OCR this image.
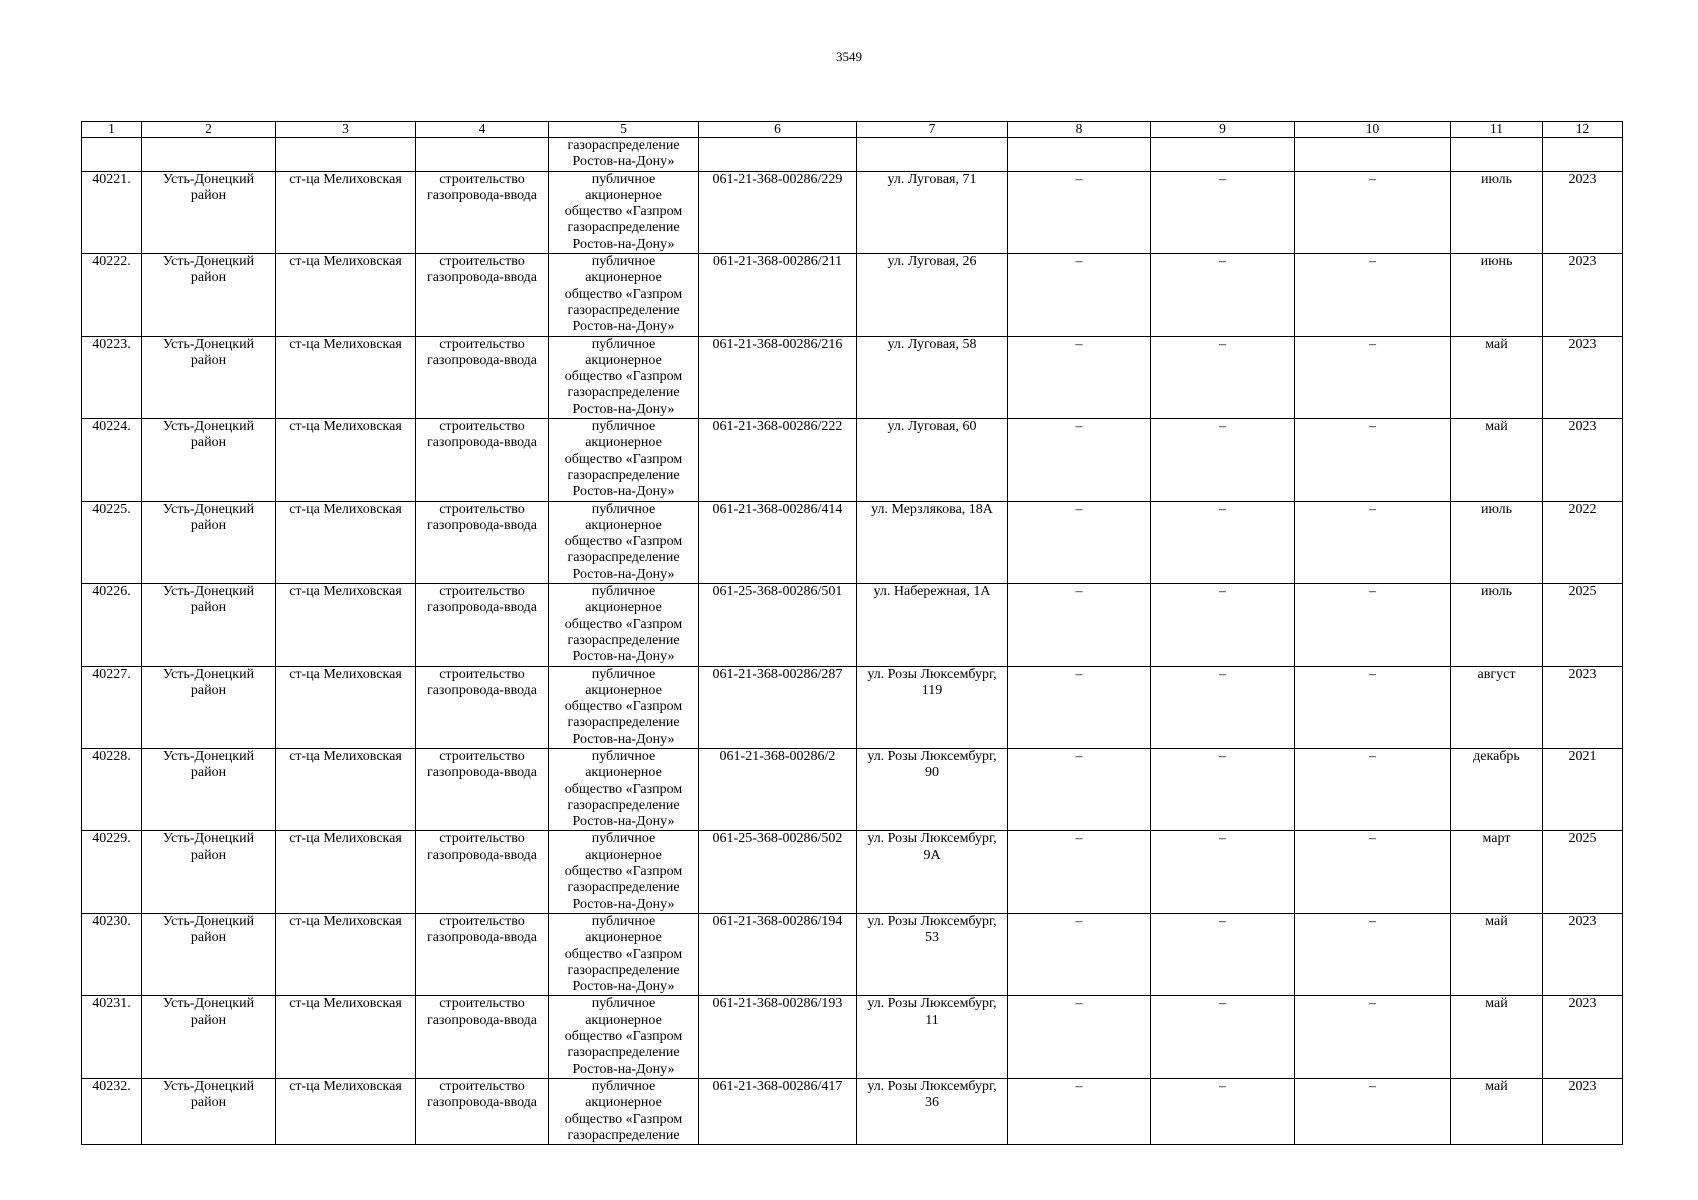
3549
1	2	3	4	5	6	7	8	9	10	11	12
				газораспределение
Ростов-на-Дону»							
40221.	Усть-Донецкий
район	ст-ца Мелиховская	строительство
газопровода-ввода	публичное
акционерное
общество «Газпром
газораспределение
Ростов-на-Дону»	061-21-368-00286/229	ул. Луговая, 71	–	–	–	июль	2023
40222.	Усть-Донецкий
район	ст-ца Мелиховская	строительство
газопровода-ввода	публичное
акционерное
общество «Газпром
газораспределение
Ростов-на-Дону»	061-21-368-00286/211	ул. Луговая, 26	–	–	–	июнь	2023
40223.	Усть-Донецкий
район	ст-ца Мелиховская	строительство
газопровода-ввода	публичное
акционерное
общество «Газпром
газораспределение
Ростов-на-Дону»	061-21-368-00286/216	ул. Луговая, 58	–	–	–	май	2023
40224.	Усть-Донецкий
район	ст-ца Мелиховская	строительство
газопровода-ввода	публичное
акционерное
общество «Газпром
газораспределение
Ростов-на-Дону»	061-21-368-00286/222	ул. Луговая, 60	–	–	–	май	2023
40225.	Усть-Донецкий
район	ст-ца Мелиховская	строительство
газопровода-ввода	публичное
акционерное
общество «Газпром
газораспределение
Ростов-на-Дону»	061-21-368-00286/414	ул. Мерзлякова, 18А	–	–	–	июль	2022
40226.	Усть-Донецкий
район	ст-ца Мелиховская	строительство
газопровода-ввода	публичное
акционерное
общество «Газпром
газораспределение
Ростов-на-Дону»	061-25-368-00286/501	ул. Набережная, 1А	–	–	–	июль	2025
40227.	Усть-Донецкий
район	ст-ца Мелиховская	строительство
газопровода-ввода	публичное
акционерное
общество «Газпром
газораспределение
Ростов-на-Дону»	061-21-368-00286/287	ул. Розы Люксембург,
119	–	–	–	август	2023
40228.	Усть-Донецкий
район	ст-ца Мелиховская	строительство
газопровода-ввода	публичное
акционерное
общество «Газпром
газораспределение
Ростов-на-Дону»	061-21-368-00286/2	ул. Розы Люксембург,
90	–	–	–	декабрь	2021
40229.	Усть-Донецкий
район	ст-ца Мелиховская	строительство
газопровода-ввода	публичное
акционерное
общество «Газпром
газораспределение
Ростов-на-Дону»	061-25-368-00286/502	ул. Розы Люксембург,
9А	–	–	–	март	2025
40230.	Усть-Донецкий
район	ст-ца Мелиховская	строительство
газопровода-ввода	публичное
акционерное
общество «Газпром
газораспределение
Ростов-на-Дону»	061-21-368-00286/194	ул. Розы Люксембург,
53	–	–	–	май	2023
40231.	Усть-Донецкий
район	ст-ца Мелиховская	строительство
газопровода-ввода	публичное
акционерное
общество «Газпром
газораспределение
Ростов-на-Дону»	061-21-368-00286/193	ул. Розы Люксембург,
11	–	–	–	май	2023
40232.	Усть-Донецкий
район	ст-ца Мелиховская	строительство
газопровода-ввода	публичное
акционерное
общество «Газпром
газораспределение	061-21-368-00286/417	ул. Розы Люксембург,
36	–	–	–	май	2023
